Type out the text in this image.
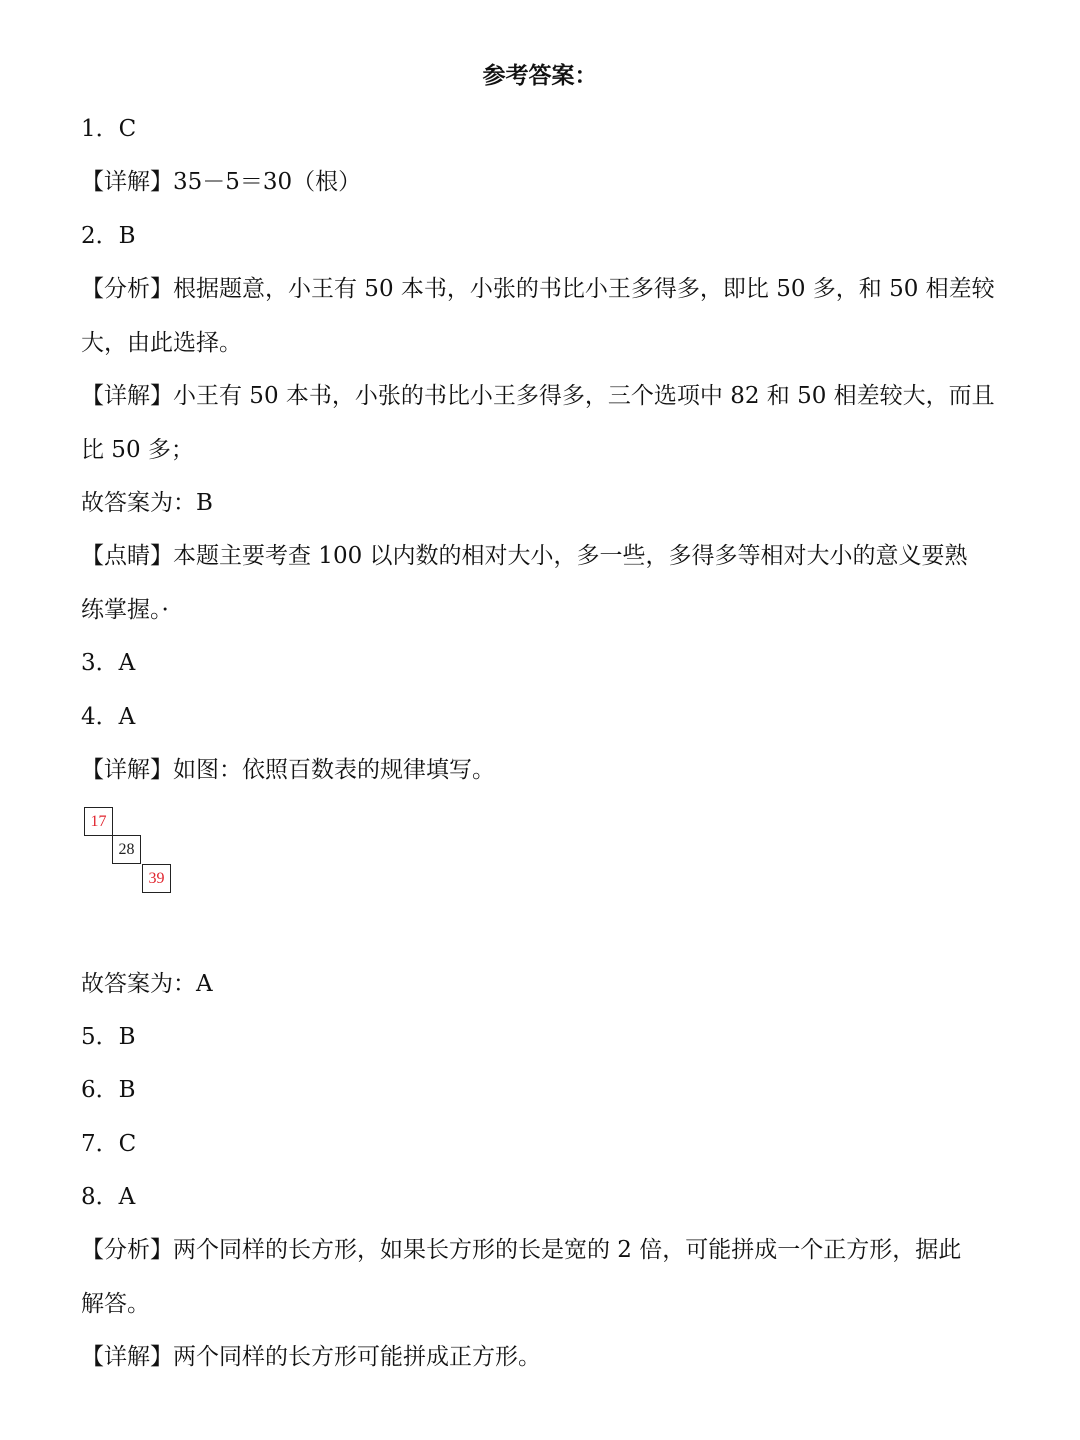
参考答案：
1．C
【详解】35－5＝30（根）
2．B
【分析】根据题意，小王有 50 本书，小张的书比小王多得多，即比 50 多，和 50 相差较
大，由此选择。
【详解】小王有 50 本书，小张的书比小王多得多，三个选项中 82 和 50 相差较大，而且
比 50 多；
故答案为：B
【点睛】本题主要考查 100 以内数的相对大小，多一些，多得多等相对大小的意义要熟
练掌握。·
3．A
4．A
【详解】如图：依照百数表的规律填写。
17
28
39
故答案为：A
5．B
6．B
7．C
8．A
【分析】两个同样的长方形，如果长方形的长是宽的 2 倍，可能拼成一个正方形，据此
解答。
【详解】两个同样的长方形可能拼成正方形。
